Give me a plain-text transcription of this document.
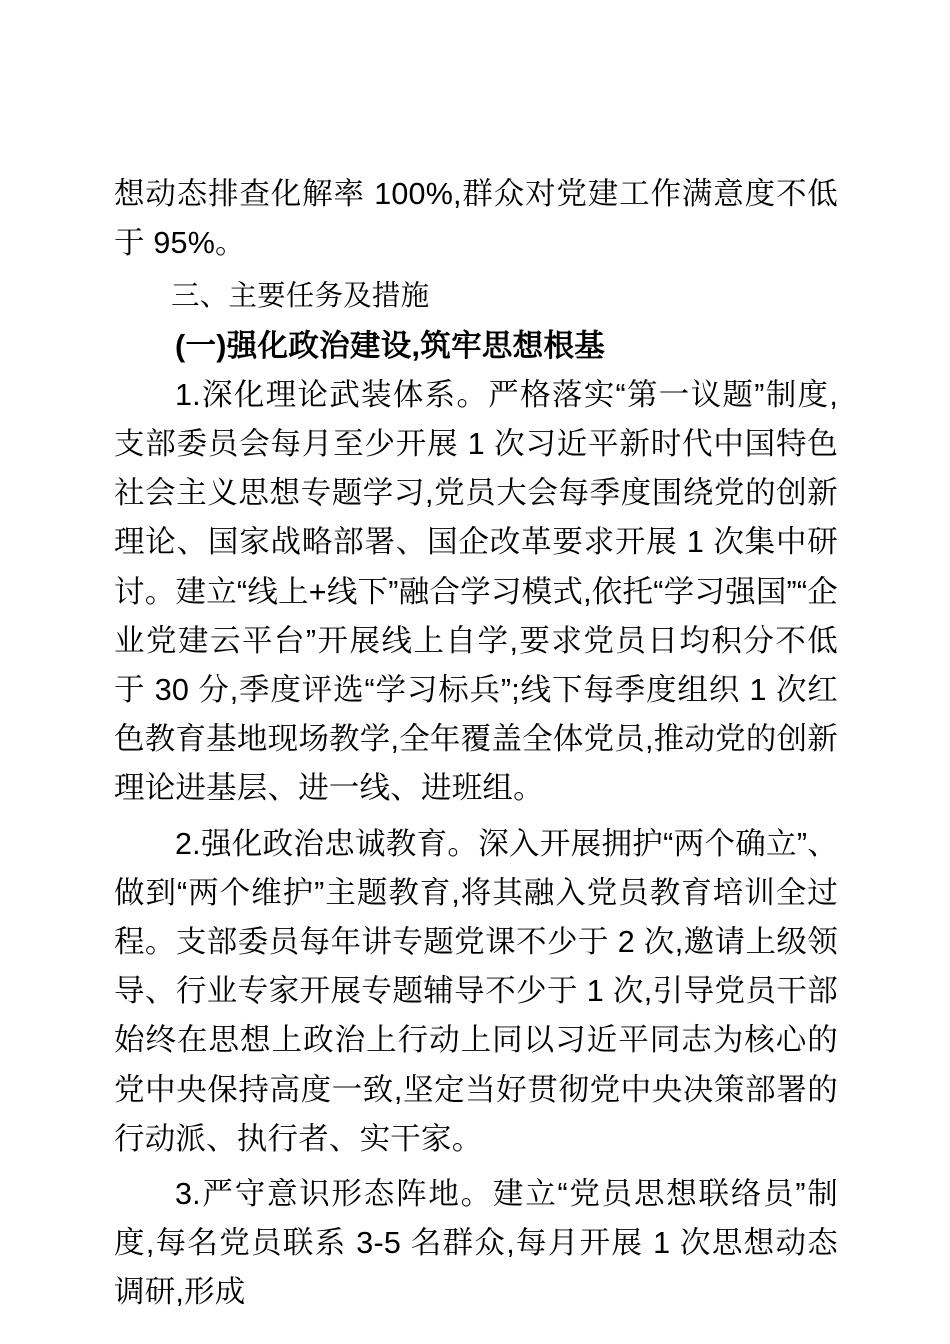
想动态排查化解率 100%,群众对党建工作满意度不低于 95%。

三、主要任务及措施

(一)强化政治建设,筑牢思想根基

1.深化理论武装体系。严格落实“第一议题”制度,支部委员会每月至少开展 1 次习近平新时代中国特色社会主义思想专题学习,党员大会每季度围绕党的创新理论、国家战略部署、国企改革要求开展 1 次集中研讨。建立“线上+线下”融合学习模式,依托“学习强国”“企业党建云平台”开展线上自学,要求党员日均积分不低于 30 分,季度评选“学习标兵”;线下每季度组织 1 次红色教育基地现场教学,全年覆盖全体党员,推动党的创新理论进基层、进一线、进班组。

2.强化政治忠诚教育。深入开展拥护“两个确立”、做到“两个维护”主题教育,将其融入党员教育培训全过程。支部委员每年讲专题党课不少于 2 次,邀请上级领导、行业专家开展专题辅导不少于 1 次,引导党员干部始终在思想上政治上行动上同以习近平同志为核心的党中央保持高度一致,坚定当好贯彻党中央决策部署的行动派、执行者、实干家。

3.严守意识形态阵地。建立“党员思想联络员”制度,每名党员联系 3-5 名群众,每月开展 1 次思想动态调研,形成
